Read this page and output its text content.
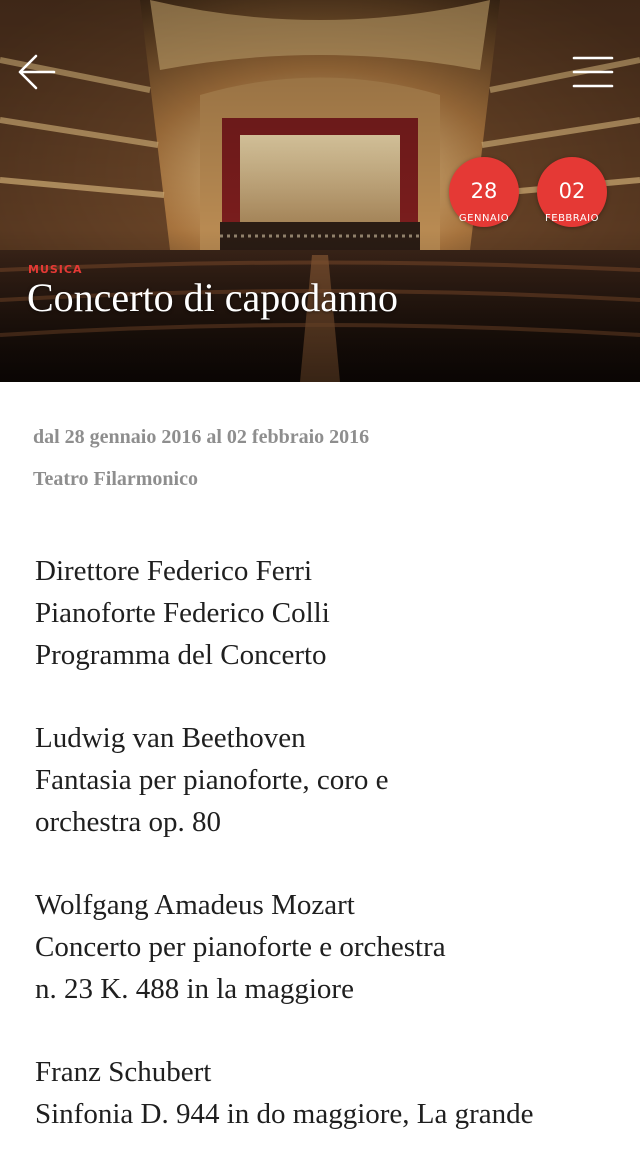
28
GENNAIO
02
FEBBRAIO
MUSICA
Concerto di capodanno
dal 28 gennaio 2016 al 02 febbraio 2016
Teatro Filarmonico

Direttore Federico Ferri
Pianoforte Federico Colli
Programma del Concerto

Ludwig van Beethoven
Fantasia per pianoforte, coro e
orchestra op. 80

Wolfgang Amadeus Mozart
Concerto per pianoforte e orchestra
n. 23 K. 488 in la maggiore

Franz Schubert
Sinfonia D. 944 in do maggiore, La grande
